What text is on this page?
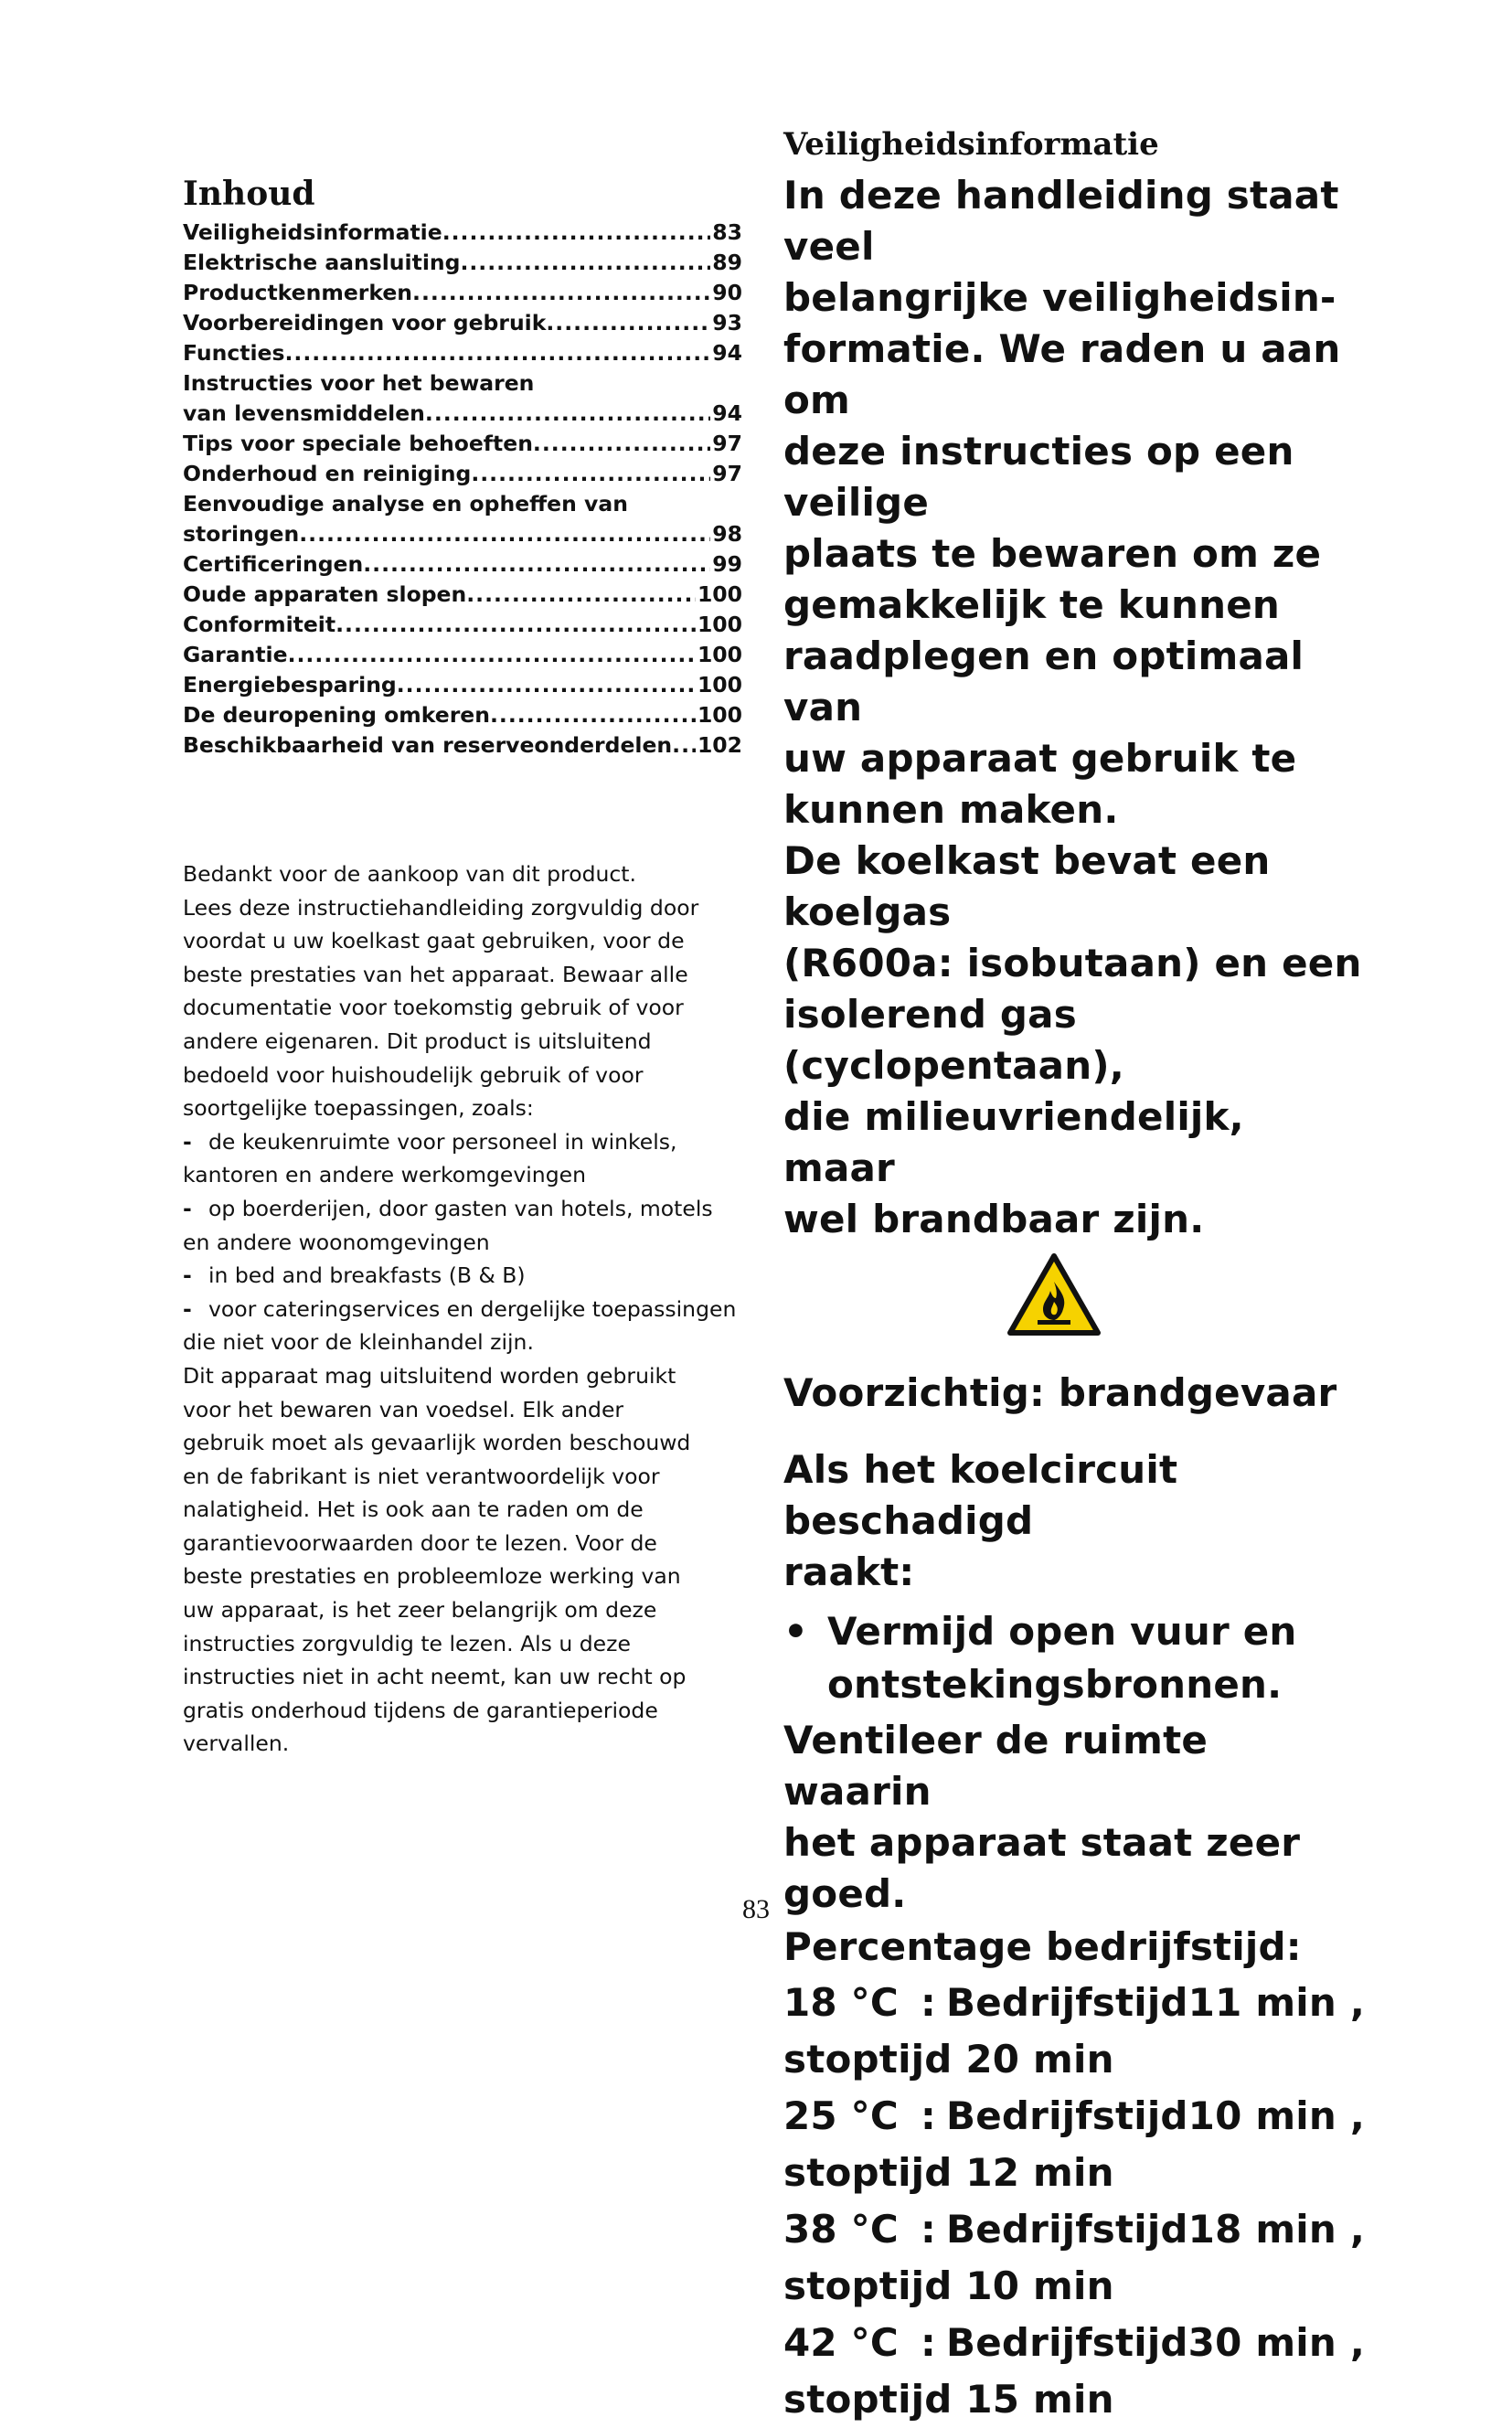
Inhoud
Veiligheidsinformatie .....	83
Elektrische aansluiting .....	89
Productkenmerken .....	90
Voorbereidingen voor gebruik .....	93
Functies .....	94
Instructies voor het bewaren
van levensmiddelen .....	94
Tips voor speciale behoeften .....	97
Onderhoud en reiniging .....	97
Eenvoudige analyse en opheffen van
storingen .....	98
Certificeringen .....	99
Oude apparaten slopen .....	100
Conformiteit .....	100
Garantie .....	100
Energiebesparing .....	100
De deuropening omkeren .....	100
Beschikbaarheid van reserveonderdelen ..... 102

Bedankt voor de aankoop van dit product.

Lees deze instructiehandleiding zorgvuldig door

voordat u uw koelkast gaat gebruiken, voor de

beste prestaties van het apparaat. Bewaar alle

documentatie voor toekomstig gebruik of voor

andere eigenaren. Dit product is uitsluitend

bedoeld voor huishoudelijk gebruik of voor

soortgelijke toepassingen, zoals:

- de keukenruimte voor personeel in winkels,

kantoren en andere werkomgevingen

- op boerderijen, door gasten van hotels, motels

en andere woonomgevingen

- in bed and breakfasts (B & B)

- voor cateringservices en dergelijke toepassingen

die niet voor de kleinhandel zijn.

Dit apparaat mag uitsluitend worden gebruikt

voor het bewaren van voedsel. Elk ander

gebruik moet als gevaarlijk worden beschouwd

en de fabrikant is niet verantwoordelijk voor

nalatigheid. Het is ook aan te raden om de

garantievoorwaarden door te lezen. Voor de

beste prestaties en probleemloze werking van

uw apparaat, is het zeer belangrijk om deze

instructies zorgvuldig te lezen. Als u deze

instructies niet in acht neemt, kan uw recht op

gratis onderhoud tijdens de garantieperiode

vervallen.

Veiligheidsinformatie
In deze handleiding staat veel
belangrijke veiligheidsin-
formatie. We raden u aan om
deze instructies op een veilige
plaats te bewaren om ze
gemakkelijk te kunnen
raadplegen en optimaal van
uw apparaat gebruik te
kunnen maken.
De koelkast bevat een koelgas
(R600a: isobutaan) en een
isolerend gas (cyclopentaan),
die milieuvriendelijk, maar
wel brandbaar zijn.
Voorzichtig: brandgevaar
Als het koelcircuit beschadigd
raakt:
• Vermijd open vuur en
ontstekingsbronnen.
Ventileer de ruimte waarin
het apparaat staat zeer goed.
Percentage bedrijfstijd:
18 °C : Bedrijfstijd11 min ,
stoptijd 20 min
25 °C : Bedrijfstijd10 min ,
stoptijd 12 min
38 °C : Bedrijfstijd18 min ,
stoptijd 10 min
42 °C : Bedrijfstijd30 min ,
stoptijd 15 min
83
